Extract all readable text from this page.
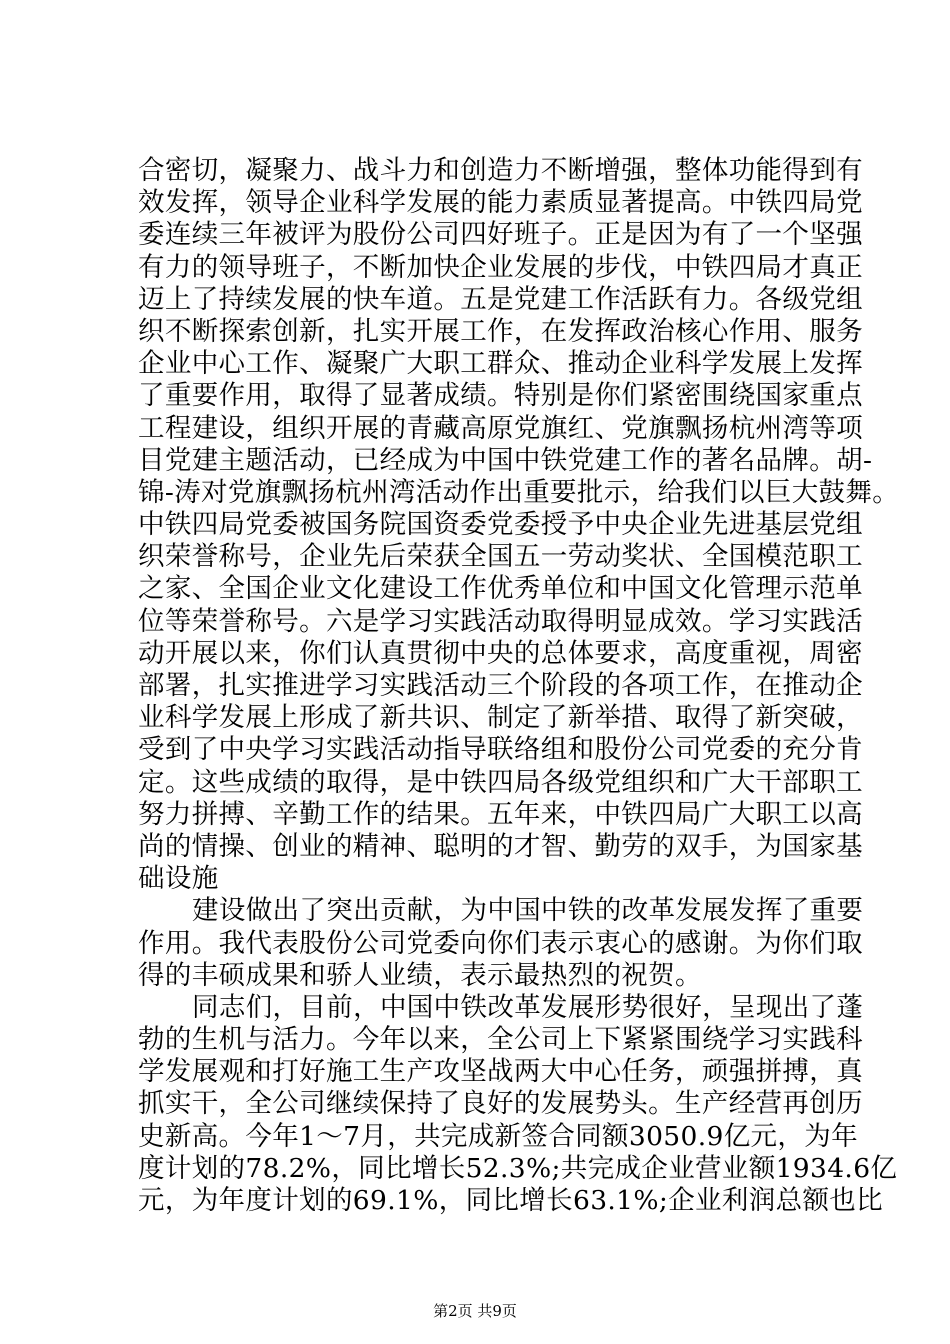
合密切，凝聚力、战斗力和创造力不断增强，整体功能得到有
效发挥，领导企业科学发展的能力素质显著提高。中铁四局党
委连续三年被评为股份公司四好班子。正是因为有了一个坚强
有力的领导班子，不断加快企业发展的步伐，中铁四局才真正
迈上了持续发展的快车道。五是党建工作活跃有力。各级党组
织不断探索创新，扎实开展工作，在发挥政治核心作用、服务
企业中心工作、凝聚广大职工群众、推动企业科学发展上发挥
了重要作用，取得了显著成绩。特别是你们紧密围绕国家重点
工程建设，组织开展的青藏高原党旗红、党旗飘扬杭州湾等项
目党建主题活动，已经成为中国中铁党建工作的著名品牌。胡-
锦-涛对党旗飘扬杭州湾活动作出重要批示，给我们以巨大鼓舞。
中铁四局党委被国务院国资委党委授予中央企业先进基层党组
织荣誉称号，企业先后荣获全国五一劳动奖状、全国模范职工
之家、全国企业文化建设工作优秀单位和中国文化管理示范单
位等荣誉称号。六是学习实践活动取得明显成效。学习实践活
动开展以来，你们认真贯彻中央的总体要求，高度重视，周密
部署，扎实推进学习实践活动三个阶段的各项工作，在推动企
业科学发展上形成了新共识、制定了新举措、取得了新突破，
受到了中央学习实践活动指导联络组和股份公司党委的充分肯
定。这些成绩的取得，是中铁四局各级党组织和广大干部职工
努力拼搏、辛勤工作的结果。五年来，中铁四局广大职工以高
尚的情操、创业的精神、聪明的才智、勤劳的双手，为国家基
础设施
建设做出了突出贡献，为中国中铁的改革发展发挥了重要
作用。我代表股份公司党委向你们表示衷心的感谢。为你们取
得的丰硕成果和骄人业绩，表示最热烈的祝贺。
同志们，目前，中国中铁改革发展形势很好，呈现出了蓬
勃的生机与活力。今年以来，全公司上下紧紧围绕学习实践科
学发展观和打好施工生产攻坚战两大中心任务，顽强拼搏，真
抓实干，全公司继续保持了良好的发展势头。生产经营再创历
史新高。今年1～7月，共完成新签合同额3050.9亿元，为年
度计划的78.2%，同比增长52.3%;共完成企业营业额1934.6亿
元，为年度计划的69.1%，同比增长63.1%;企业利润总额也比
第2页 共9页
